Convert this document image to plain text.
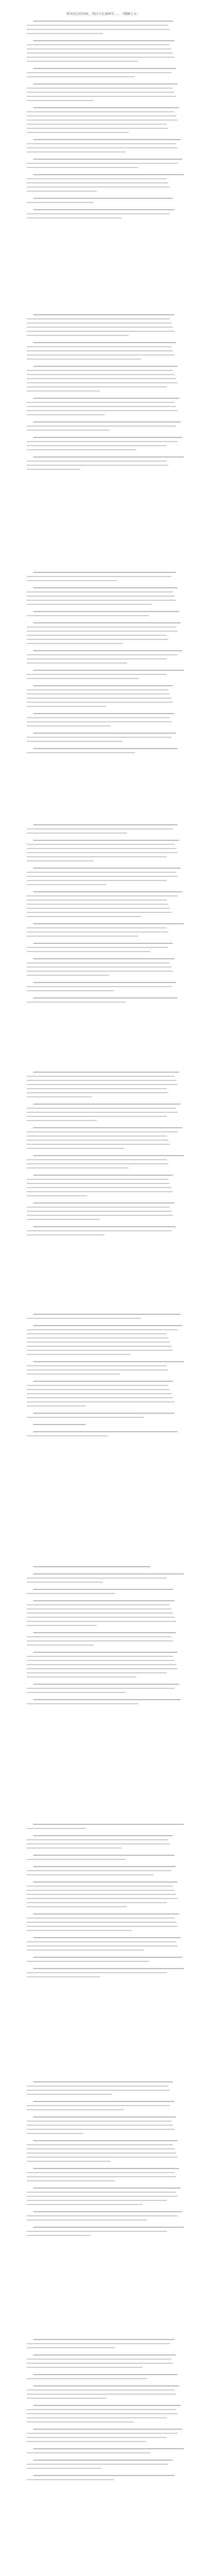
寒风吹过的时候，我们立在凛冽里……（模糊正文）
